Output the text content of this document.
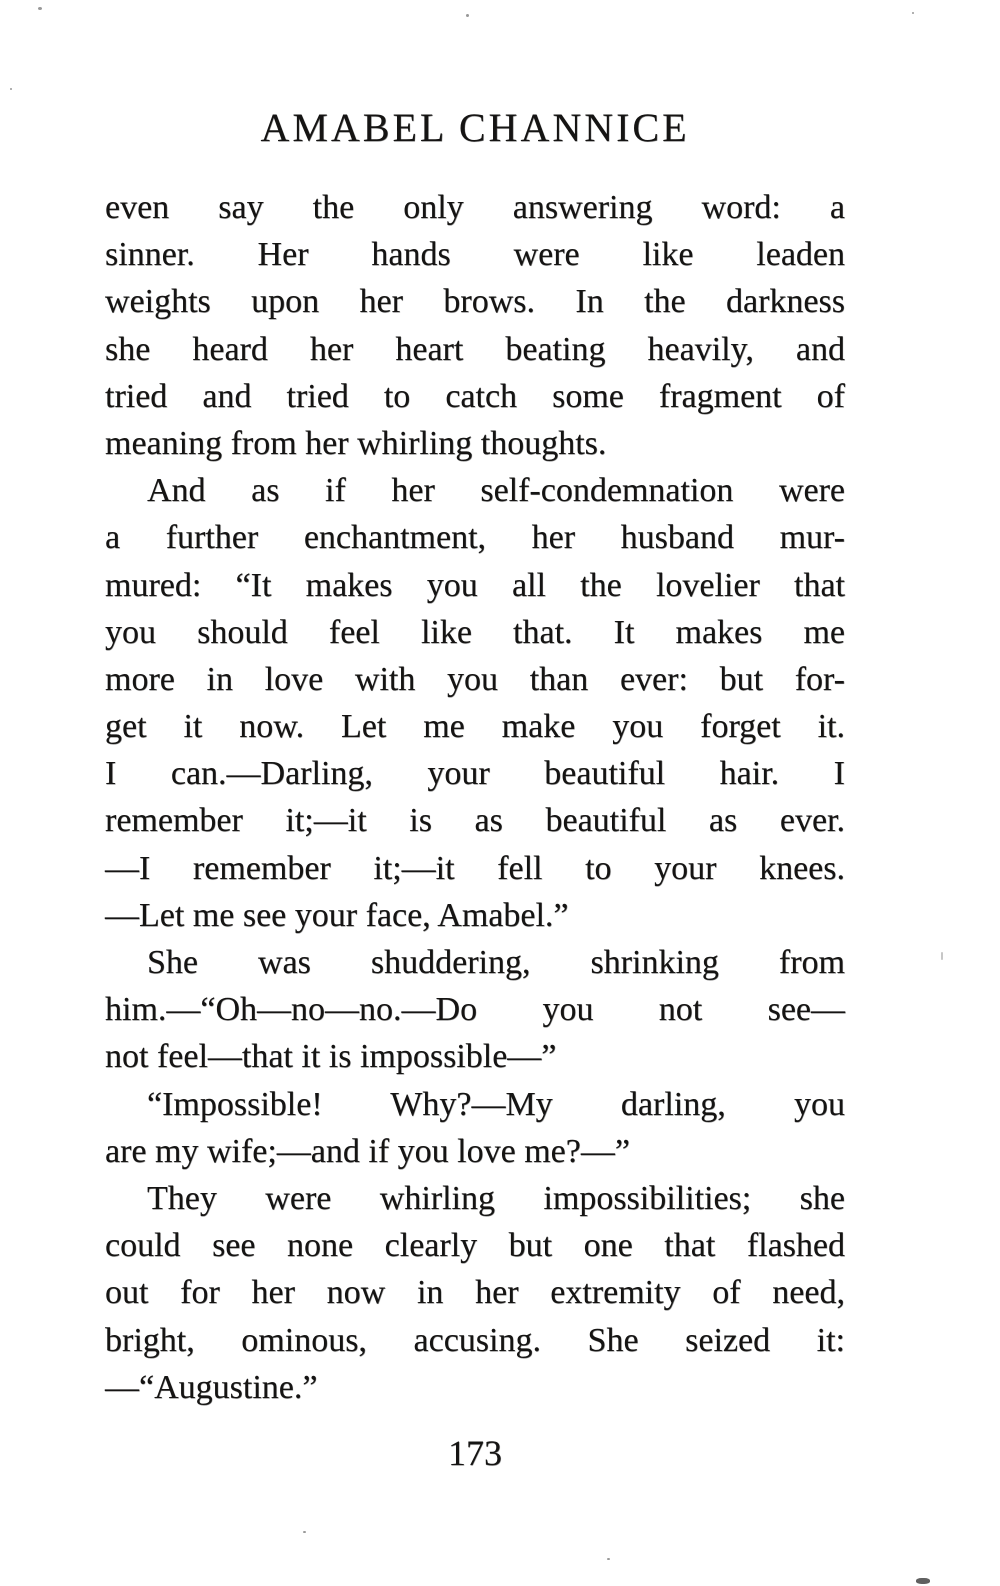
AMABEL CHANNICE
even say the only answering word: a
sinner. Her hands were like leaden
weights upon her brows. In the darkness
she heard her heart beating heavily, and
tried and tried to catch some fragment of
meaning from her whirling thoughts.
And as if her self-condemnation were
a further enchantment, her husband mur-
mured: “It makes you all the lovelier that
you should feel like that. It makes me
more in love with you than ever: but for-
get it now. Let me make you forget it.
I can.—Darling, your beautiful hair. I
remember it;—it is as beautiful as ever.
—I remember it;—it fell to your knees.
—Let me see your face, Amabel.”
She was shuddering, shrinking from
him.—“Oh—no—no.—Do you not see—
not feel—that it is impossible—”
“Impossible! Why?—My darling, you
are my wife;—and if you love me?—”
They were whirling impossibilities; she
could see none clearly but one that flashed
out for her now in her extremity of need,
bright, ominous, accusing. She seized it:
—“Augustine.”
173
